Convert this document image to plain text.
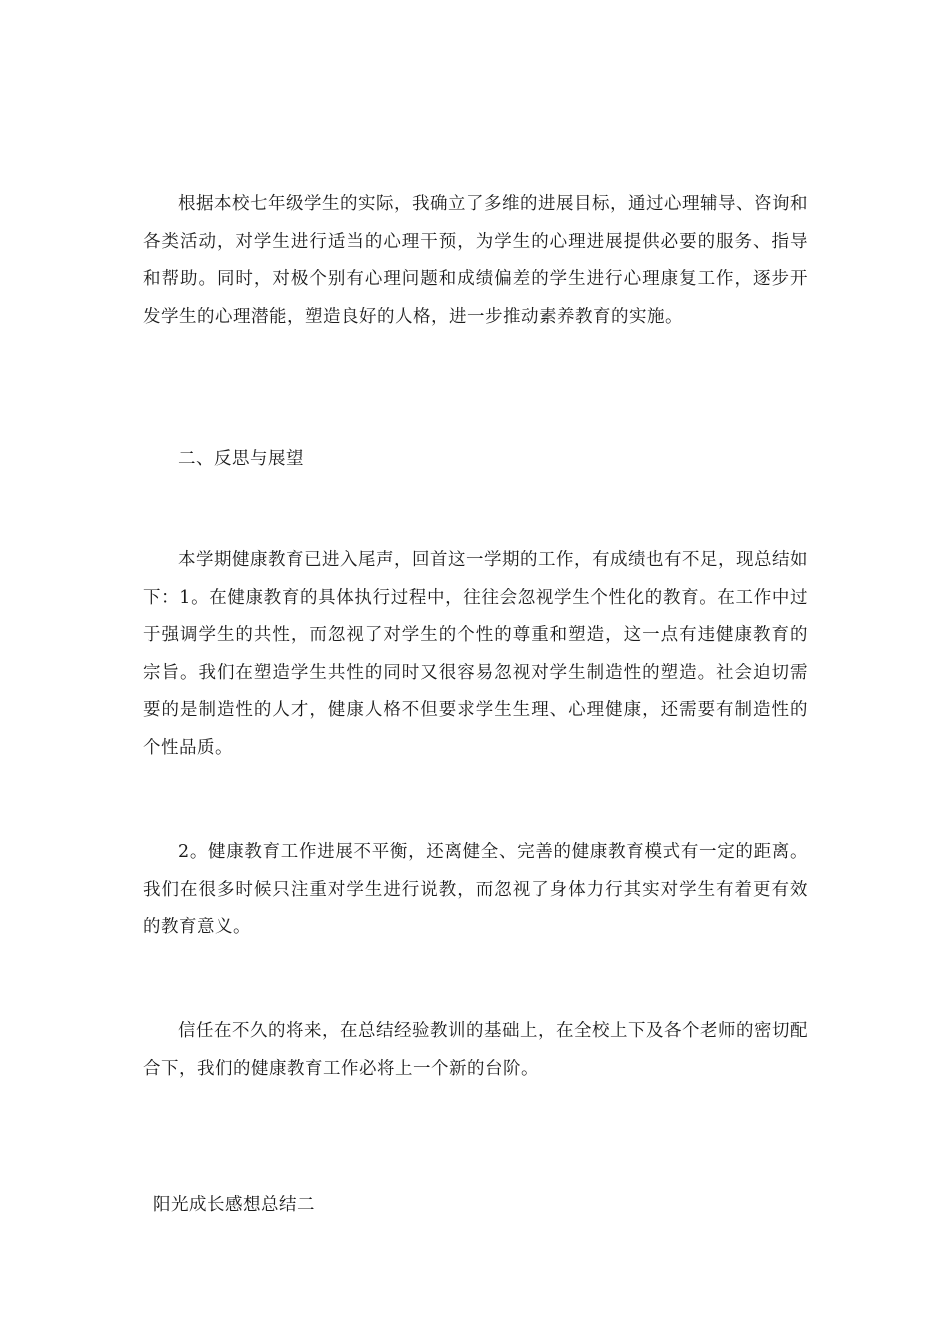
根据本校七年级学生的实际，我确立了多维的进展目标，通过心理辅导、咨询和各类活动，对学生进行适当的心理干预，为学生的心理进展提供必要的服务、指导和帮助。同时，对极个别有心理问题和成绩偏差的学生进行心理康复工作，逐步开发学生的心理潜能，塑造良好的人格，进一步推动素养教育的实施。

二、反思与展望

本学期健康教育已进入尾声，回首这一学期的工作，有成绩也有不足，现总结如下：1。在健康教育的具体执行过程中，往往会忽视学生个性化的教育。在工作中过于强调学生的共性，而忽视了对学生的个性的尊重和塑造，这一点有违健康教育的宗旨。我们在塑造学生共性的同时又很容易忽视对学生制造性的塑造。社会迫切需要的是制造性的人才，健康人格不但要求学生生理、心理健康，还需要有制造性的个性品质。

2。健康教育工作进展不平衡，还离健全、完善的健康教育模式有一定的距离。我们在很多时候只注重对学生进行说教，而忽视了身体力行其实对学生有着更有效的教育意义。

信任在不久的将来，在总结经验教训的基础上，在全校上下及各个老师的密切配合下，我们的健康教育工作必将上一个新的台阶。

阳光成长感想总结二
